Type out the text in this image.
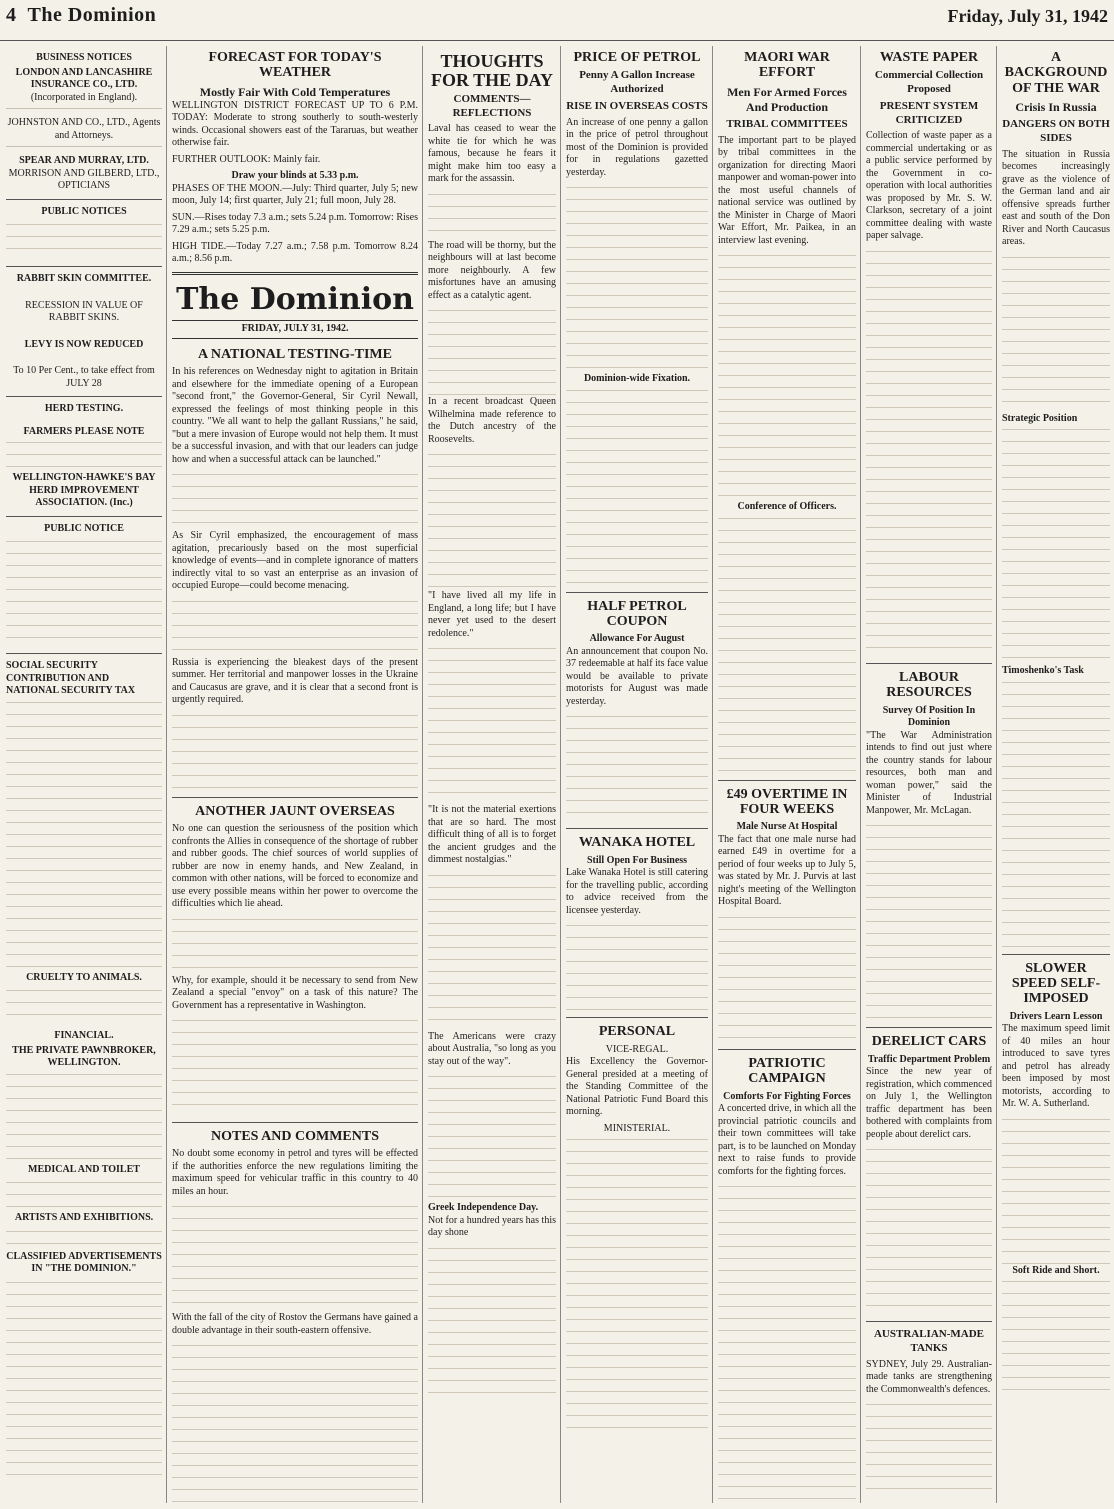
4 The Dominion	Friday, July 31, 1942
BUSINESS NOTICES
LONDON AND LANCASHIRE INSURANCE CO., LTD.
(Incorporated in England).
JOHNSTON AND CO., LTD., Agents and Attorneys.
SPEAR AND MURRAY, LTD.
MORRISON AND GILBERD, LTD., OPTICIANS
PUBLIC NOTICES
RABBIT SKIN COMMITTEE.
RECESSION IN VALUE OF RABBIT SKINS.
LEVY IS NOW REDUCED
To 10 Per Cent., to take effect from JULY 28
HERD TESTING.
FARMERS PLEASE NOTE
WELLINGTON-HAWKE'S BAY HERD IMPROVEMENT ASSOCIATION. (Inc.)
PUBLIC NOTICE
SOCIAL SECURITY CONTRIBUTION AND NATIONAL SECURITY TAX
CRUELTY TO ANIMALS.
FINANCIAL.
THE PRIVATE PAWNBROKER, WELLINGTON.
MEDICAL AND TOILET
ARTISTS AND EXHIBITIONS.
CLASSIFIED ADVERTISEMENTS IN "THE DOMINION."
FORECAST FOR TODAY'S WEATHER
Mostly Fair With Cold Temperatures

WELLINGTON DISTRICT FORECAST UP TO 6 P.M. TODAY: Moderate to strong southerly to south-westerly winds. Occasional showers east of the Tararuas, but weather otherwise fair.

FURTHER OUTLOOK: Mainly fair.

Draw your blinds at 5.33 p.m.

PHASES OF THE MOON.—July: Third quarter, July 5; new moon, July 14; first quarter, July 21; full moon, July 28.

SUN.—Rises today 7.3 a.m.; sets 5.24 p.m. Tomorrow: Rises 7.29 a.m.; sets 5.25 p.m.

HIGH TIDE.—Today 7.27 a.m.; 7.58 p.m. Tomorrow 8.24 a.m.; 8.56 p.m.

The Dominion
FRIDAY, JULY 31, 1942.
A NATIONAL TESTING-TIME

In his references on Wednesday night to agitation in Britain and elsewhere for the immediate opening of a European "second front," the Governor-General, Sir Cyril Newall, expressed the feelings of most thinking people in this country. "We all want to help the gallant Russians," he said, "but a mere invasion of Europe would not help them. It must be a successful invasion, and with that our leaders can judge how and when a successful attack can be launched."

As Sir Cyril emphasized, the encouragement of mass agitation, precariously based on the most superficial knowledge of events—and in complete ignorance of matters indirectly vital to so vast an enterprise as an invasion of occupied Europe—could become menacing.

Russia is experiencing the bleakest days of the present summer. Her territorial and manpower losses in the Ukraine and Caucasus are grave, and it is clear that a second front is urgently required.

ANOTHER JAUNT OVERSEAS

No one can question the seriousness of the position which confronts the Allies in consequence of the shortage of rubber and rubber goods. The chief sources of world supplies of rubber are now in enemy hands, and New Zealand, in common with other nations, will be forced to economize and use every possible means within her power to overcome the difficulties which lie ahead.

Why, for example, should it be necessary to send from New Zealand a special "envoy" on a task of this nature? The Government has a representative in Washington.

NOTES AND COMMENTS

No doubt some economy in petrol and tyres will be effected if the authorities enforce the new regulations limiting the maximum speed for vehicular traffic in this country to 40 miles an hour.

With the fall of the city of Rostov the Germans have gained a double advantage in their south-eastern offensive.

THOUGHTS FOR THE DAY
COMMENTS—REFLECTIONS

Laval has ceased to wear the white tie for which he was famous, because he fears it might make him too easy a mark for the assassin.

The road will be thorny, but the neighbours will at last become more neighbourly. A few misfortunes have an amusing effect as a catalytic agent.

In a recent broadcast Queen Wilhelmina made reference to the Dutch ancestry of the Roosevelts.

"I have lived all my life in England, a long life; but I have never yet used to the desert redolence."

"It is not the material exertions that are so hard. The most difficult thing of all is to forget the ancient grudges and the dimmest nostalgias."

The Americans were crazy about Australia, "so long as you stay out of the way".

Greek Independence Day.

Not for a hundred years has this day shone

PRICE OF PETROL
Penny A Gallon Increase Authorized
RISE IN OVERSEAS COSTS

An increase of one penny a gallon in the price of petrol throughout most of the Dominion is provided for in regulations gazetted yesterday.

Dominion-wide Fixation.
HALF PETROL COUPON
Allowance For August

An announcement that coupon No. 37 redeemable at half its face value would be available to private motorists for August was made yesterday.

WANAKA HOTEL
Still Open For Business

Lake Wanaka Hotel is still catering for the travelling public, according to advice received from the licensee yesterday.

PERSONAL
VICE-REGAL.

His Excellency the Governor-General presided at a meeting of the Standing Committee of the National Patriotic Fund Board this morning.

MINISTERIAL.
MAORI WAR EFFORT
Men For Armed Forces And Production
TRIBAL COMMITTEES

The important part to be played by tribal committees in the organization for directing Maori manpower and woman-power into the most useful channels of national service was outlined by the Minister in Charge of Maori War Effort, Mr. Paikea, in an interview last evening.

Conference of Officers.
£49 OVERTIME IN FOUR WEEKS
Male Nurse At Hospital

The fact that one male nurse had earned £49 in overtime for a period of four weeks up to July 5, was stated by Mr. J. Purvis at last night's meeting of the Wellington Hospital Board.

PATRIOTIC CAMPAIGN
Comforts For Fighting Forces

A concerted drive, in which all the provincial patriotic councils and their town committees will take part, is to be launched on Monday next to raise funds to provide comforts for the fighting forces.

WASTE PAPER
Commercial Collection Proposed
PRESENT SYSTEM CRITICIZED

Collection of waste paper as a commercial undertaking or as a public service performed by the Government in co-operation with local authorities was proposed by Mr. S. W. Clarkson, secretary of a joint committee dealing with waste paper salvage.

LABOUR RESOURCES
Survey Of Position In Dominion

"The War Administration intends to find out just where the country stands for labour resources, both man and woman power," said the Minister of Industrial Manpower, Mr. McLagan.

DERELICT CARS
Traffic Department Problem

Since the new year of registration, which commenced on July 1, the Wellington traffic department has been bothered with complaints from people about derelict cars.

AUSTRALIAN-MADE TANKS

SYDNEY, July 29. Australian-made tanks are strengthening the Commonwealth's defences.

A BACKGROUND OF THE WAR
Crisis In Russia
DANGERS ON BOTH SIDES

The situation in Russia becomes increasingly grave as the violence of the German land and air offensive spreads further east and south of the Don River and North Caucasus areas.

Strategic Position
Timoshenko's Task
SLOWER SPEED SELF-IMPOSED
Drivers Learn Lesson

The maximum speed limit of 40 miles an hour introduced to save tyres and petrol has already been imposed by most motorists, according to Mr. W. A. Sutherland.

Soft Ride and Short.
